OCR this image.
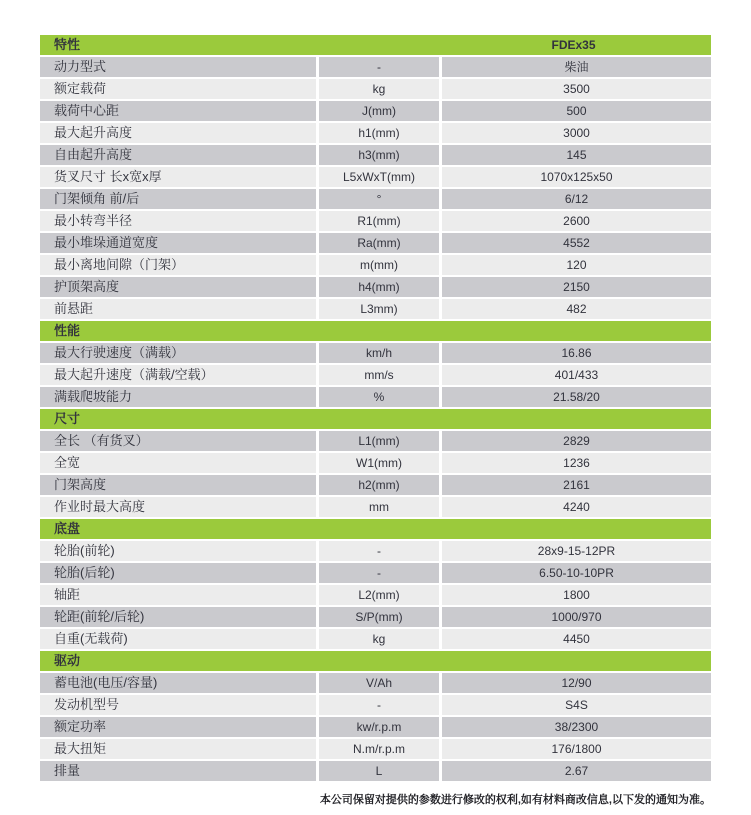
特性	FDEx35
动力型式	-	柴油
额定载荷	kg	3500
载荷中心距	J(mm)	500
最大起升高度	h1(mm)	3000
自由起升高度	h3(mm)	145
货叉尺寸 长x宽x厚	L5xWxT(mm)	1070x125x50
门架倾角 前/后	°	6/12
最小转弯半径	R1(mm)	2600
最小堆垛通道宽度	Ra(mm)	4552
最小离地间隙（门架）	m(mm)	120
护顶架高度	h4(mm)	2150
前悬距	L3mm)	482
性能
最大行驶速度（满载）	km/h	16.86
最大起升速度（满载/空载）	mm/s	401/433
满载爬坡能力	%	21.58/20
尺寸
全长 （有货叉）	L1(mm)	2829
全宽	W1(mm)	1236
门架高度	h2(mm)	2161
作业时最大高度	mm	4240
底盘
轮胎(前轮)	-	28x9-15-12PR
轮胎(后轮)	-	6.50-10-10PR
轴距	L2(mm)	1800
轮距(前轮/后轮)	S/P(mm)	1000/970
自重(无载荷)	kg	4450
驱动
蓄电池(电压/容量)	V/Ah	12/90
发动机型号	-	S4S
额定功率	kw/r.p.m	38/2300
最大扭矩	N.m/r.p.m	176/1800
排量	L	2.67
本公司保留对提供的参数进行修改的权利,如有材料商改信息,以下发的通知为准。
